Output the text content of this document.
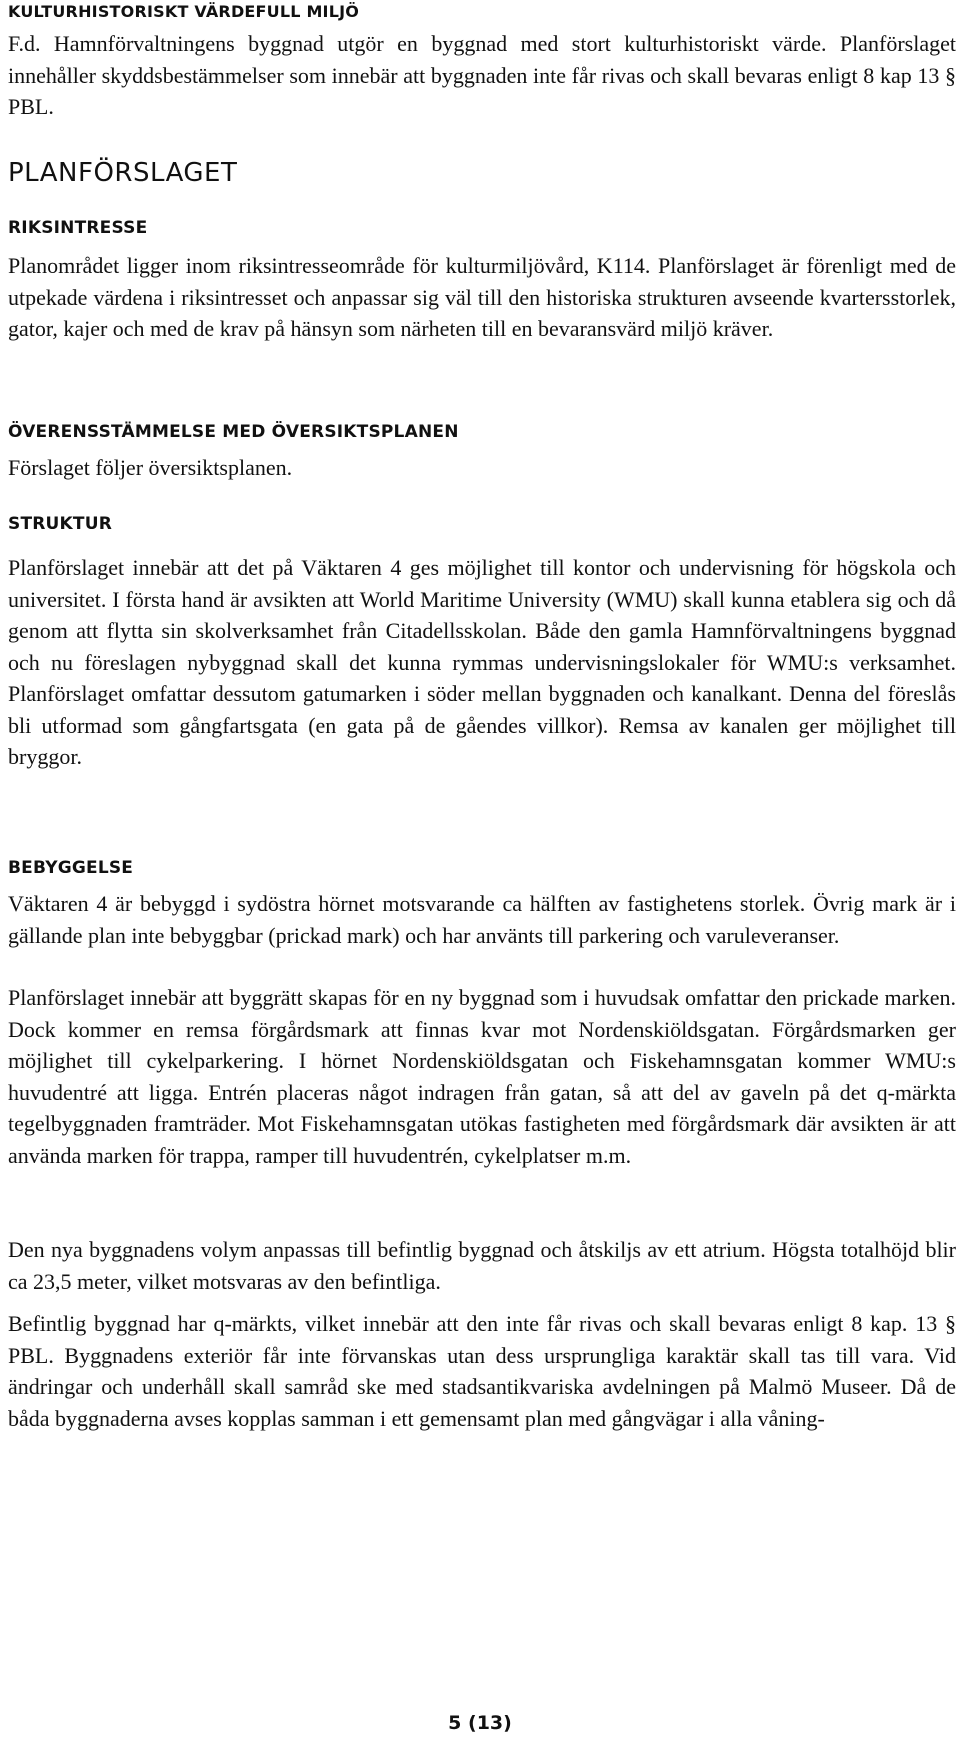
KULTURHISTORISKT VÄRDEFULL MILJÖ

F.d. Hamnförvaltningens byggnad utgör en byggnad med stort kulturhistoriskt värde. Planförslaget innehåller skyddsbestämmelser som innebär att byggnaden inte får rivas och skall bevaras enligt 8 kap 13 § PBL.

PLANFÖRSLAGET
RIKSINTRESSE

Planområdet ligger inom riksintresseområde för kulturmiljövård, K114. Planförslaget är förenligt med de utpekade värdena i riksintresset och anpassar sig väl till den historiska strukturen avseende kvartersstorlek, gator, kajer och med de krav på hänsyn som närheten till en bevaransvärd miljö kräver.

ÖVERENSSTÄMMELSE MED ÖVERSIKTSPLANEN

Förslaget följer översiktsplanen.

STRUKTUR

Planförslaget innebär att det på Väktaren 4 ges möjlighet till kontor och undervisning för högskola och universitet. I första hand är avsikten att World Maritime University (WMU) skall kunna etablera sig och då genom att flytta sin skolverksamhet från Citadellsskolan. Både den gamla Hamnförvaltningens byggnad och nu föreslagen nybyggnad skall det kunna rymmas undervisningslokaler för WMU:s verksamhet. Planförslaget omfattar dessutom gatumarken i söder mellan byggnaden och kanalkant. Denna del föreslås bli utformad som gångfartsgata (en gata på de gåendes villkor). Remsa av kanalen ger möjlighet till bryggor.

BEBYGGELSE

Väktaren 4 är bebyggd i sydöstra hörnet motsvarande ca hälften av fastighetens storlek. Övrig mark är i gällande plan inte bebyggbar (prickad mark) och har använts till parkering och varuleveranser.

Planförslaget innebär att byggrätt skapas för en ny byggnad som i huvudsak omfattar den prickade marken. Dock kommer en remsa förgårdsmark att finnas kvar mot Nordenskiöldsgatan. Förgårdsmarken ger möjlighet till cykelparkering. I hörnet Nordenskiöldsgatan och Fiskehamnsgatan kommer WMU:s huvudentré att ligga. Entrén placeras något indragen från gatan, så att del av gaveln på det q-märkta tegelbyggnaden framträder. Mot Fiskehamnsgatan utökas fastigheten med förgårdsmark där avsikten är att använda marken för trappa, ramper till huvudentrén, cykelplatser m.m.

Den nya byggnadens volym anpassas till befintlig byggnad och åtskiljs av ett atrium. Högsta totalhöjd blir ca 23,5 meter, vilket motsvaras av den befintliga.

Befintlig byggnad har q-märkts, vilket innebär att den inte får rivas och skall bevaras enligt 8 kap. 13 § PBL. Byggnadens exteriör får inte förvanskas utan dess ursprungliga karaktär skall tas till vara. Vid ändringar och underhåll skall samråd ske med stadsantikvariska avdelningen på Malmö Museer. Då de båda byggnaderna avses kopplas samman i ett gemensamt plan med gångvägar i alla våning-

5 (13)
